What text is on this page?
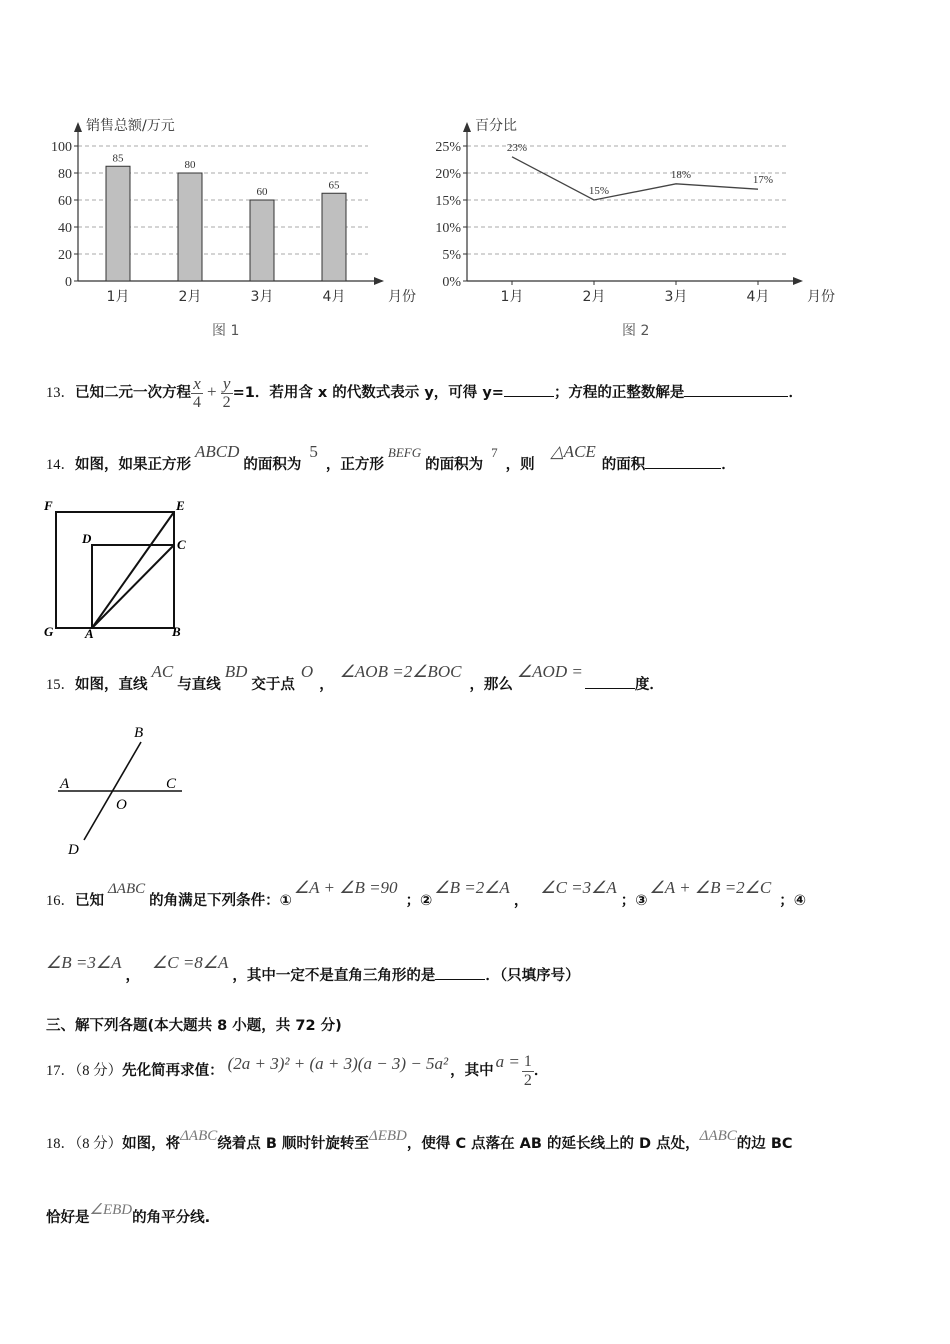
0
20
40
60
80
100
销售总额/万元
月份
1月	2月	3月	4月
85
80
60
65
图 1
0%
5%
10%
15%
20%
25%
百分比
月份
1月	2月	3月	4月
23%
15%
18%	17%
图 2
13．已知二元一次方程 $\frac{x}{4} + \frac{y}{2} =1$．若用含 x 的代数式表示 y，可得 y=	；方程的正整数解是	．
14．如图，如果正方形ABCD的面积为5，正方形BEFG的面积为7，则△ACE的面积	．
F	E
D	C
G A	B
15．如图，直线AC与直线BD交于点O，∠AOB =2∠BOC，那么∠AOD =度．
B
A	C
O
D
16．已知ΔABC的角满足下列条件：①∠A + ∠B =90；②∠B =2∠A，∠C =3∠A；③∠A + ∠B =2∠C；④
∠B =3∠A，∠C =8∠A，其中一定不是直角三角形的是	．（只填序号）
三、解下列各题(本大题共 8 小题，共 72 分)
17．（8 分）先化简再求值： (2a + 3)² + (a + 3)(a − 3) − 5a² ，其中 $a = \frac{1}{2}$ ．
18．（8 分）如图，将ΔABC绕着点 B 顺时针旋转至ΔEBD，使得 C 点落在 AB 的延长线上的 D 点处，ΔABC的边 BC
恰好是∠EBD的角平分线.
